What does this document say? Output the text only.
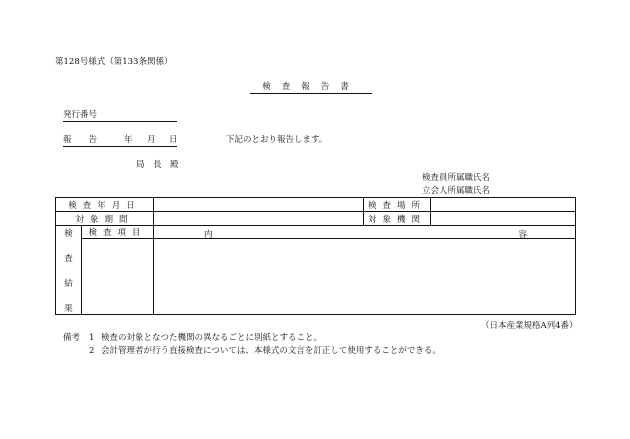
第128号様式（第133条関係）
検査報告書
発行番号
報　　告	年 月 日	下記のとおり報告します。
局　長　殿
検査員所属職氏名
立会人所属職氏名
検査年月日			検査場所	
対象期間			対象機関	

検
査
結
果	検査項目	内 容		

（日本産業規格A列4番）
備考 1 検査の対象となつた機関の異なるごとに別紙とすること。
2 会計管理者が行う直接検査については、本様式の文言を訂正して使用することができる。
